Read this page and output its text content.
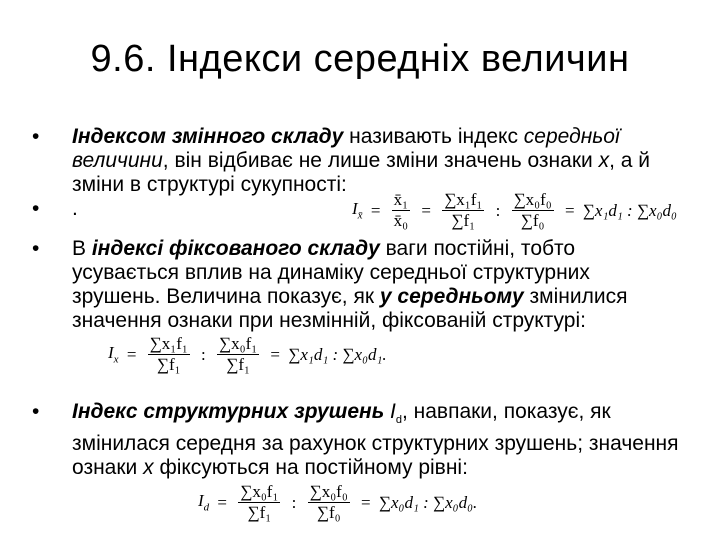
9.6. Індекси середніх величин
• Індексом змінного складу називають індекс середньої величини, він відбиває не лише зміни значень ознаки x, а й зміни в структурі сукупності:
$I_{x̄} = \frac{\text{x̄₁}}{\text{x̄₀}} = \frac{\text{∑x₁f₁}}{\text{∑f₁}}$ : $\frac{\text{∑x₀f₀}}{\text{∑f₀}} = \sum x_1d_1$ : ∑x₀d₀
• .
• В індексі фіксованого складу ваги постійні, тобто усувається вплив на динаміку середньої структурних зрушень. Величина показує, як у середньому змінилися значення ознаки при незмінній, фіксованій структурі:
$I_x = \frac{\text{∑x₁f₁}}{\text{∑f₁}}$ : $\frac{\text{∑x₀f₁}}{\text{∑f₁}} = \sum x_1d_1$ : ∑x₀d₁.
• Індекс структурних зрушень $I_d$, навпаки, показує, як змінилася середня за рахунок структурних зрушень; значення ознаки х фіксуються на постійному рівні:
$I_d = \frac{\text{∑x₀f₁}}{\text{∑f₁}}$ : $\frac{\text{∑x₀f₀}}{\text{∑f₀}} = \sum x_0d_1$ : ∑x₀d₀.
